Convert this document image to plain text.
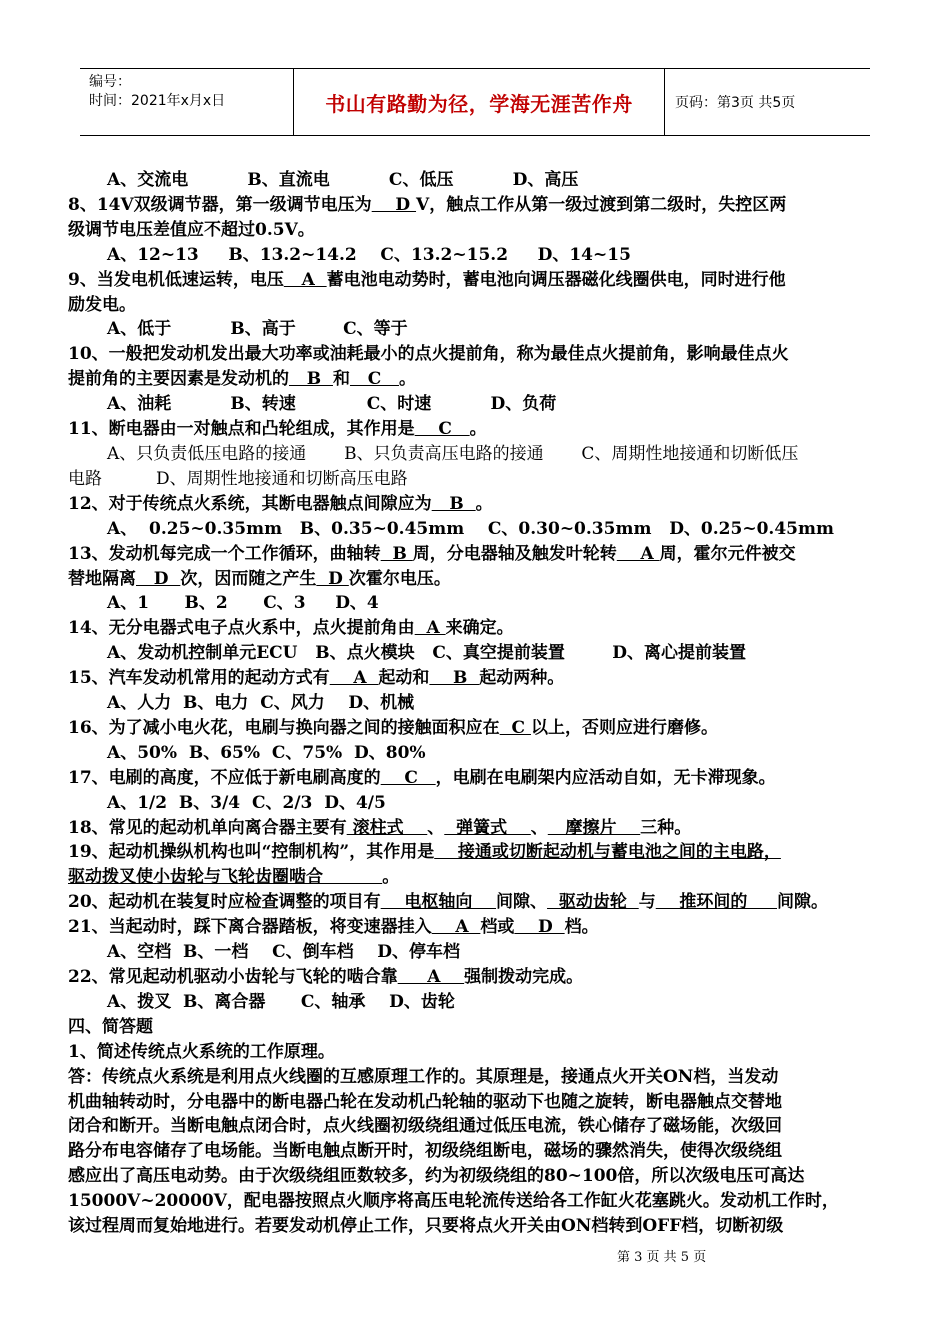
编号：
时间：2021年x月x日	书山有路勤为径，学海无涯苦作舟	页码：第3页 共5页

A、交流电          B、直流电          C、低压          D、高压

8、14V双级调节器，第一级调节电压为    D V，触点工作从第一级过渡到第二级时，失控区两

级调节电压差值应不超过0.5V。

A、12~13     B、13.2~14.2    C、13.2~15.2     D、14~15

9、当发电机低速运转，电压   A  蓄电池电动势时，蓄电池向调压器磁化线圈供电，同时进行他

励发电。

A、低于          B、高于        C、等于

10、一般把发动机发出最大功率或油耗最小的点火提前角，称为最佳点火提前角，影响最佳点火

提前角的主要因素是发动机的   B  和   C   。

A、油耗          B、转速            C、时速          D、负荷

11、断电器由一对触点和凸轮组成，其作用是    C   。

A、只负责低压电路的接通       B、只负责高压电路的接通       C、周期性地接通和切断低压

电路          D、周期性地接通和切断高压电路

12、对于传统点火系统，其断电器触点间隙应为   B  。

A、  0.25~0.35mm   B、0.35~0.45mm    C、0.30~0.35mm   D、0.25~0.45mm

13、发动机每完成一个工作循环，曲轴转  B 周，分电器轴及触发叶轮转    A 周，霍尔元件被交

替地隔离   D  次，因而随之产生  D 次霍尔电压。

A、1      B、2      C、3     D、4

14、无分电器式电子点火系中，点火提前角由  A 来确定。

A、发动机控制单元ECU   B、点火模块   C、真空提前装置        D、离心提前装置

15、汽车发动机常用的起动方式有    A  起动和    B  起动两种。

A、人力  B、电力  C、风力    D、机械

16、为了减小电火花，电刷与换向器之间的接触面积应在  C 以上，否则应进行磨修。

A、50%  B、65%  C、75%  D、80%

17、电刷的高度，不应低于新电刷高度的    C   ，电刷在电刷架内应活动自如，无卡滞现象。

A、1/2  B、3/4  C、2/3  D、4/5

18、常见的起动机单向离合器主要有 滚柱式    、  弹簧式    、   摩擦片    三种。

19、起动机操纵机构也叫“控制机构”，其作用是    接通或切断起动机与蓄电池之间的主电路，

驱动拨叉使小齿轮与飞轮齿圈啮合          。

20、起动机在装复时应检查调整的项目有    电枢轴向    间隙、  驱动齿轮  与    推环间的     间隙。

21、当起动时，踩下离合器踏板，将变速器挂入    A  档或    D  档。

A、空档  B、一档    C、倒车档    D、停车档

22、常见起动机驱动小齿轮与飞轮的啮合靠     A    强制拨动完成。

A、拨叉  B、离合器      C、轴承    D、齿轮

四、简答题

1、简述传统点火系统的工作原理。

答：传统点火系统是利用点火线圈的互感原理工作的。其原理是，接通点火开关ON档，当发动

机曲轴转动时，分电器中的断电器凸轮在发动机凸轮轴的驱动下也随之旋转，断电器触点交替地

闭合和断开。当断电触点闭合时，点火线圈初级绕组通过低压电流，铁心储存了磁场能，次级回

路分布电容储存了电场能。当断电触点断开时，初级绕组断电，磁场的骤然消失，使得次级绕组

感应出了高压电动势。由于次级绕组匝数较多，约为初级绕组的80~100倍，所以次级电压可高达

15000V~20000V，配电器按照点火顺序将高压电轮流传送给各工作缸火花塞跳火。发动机工作时，

该过程周而复始地进行。若要发动机停止工作，只要将点火开关由ON档转到OFF档，切断初级

第 3 页 共 5 页
